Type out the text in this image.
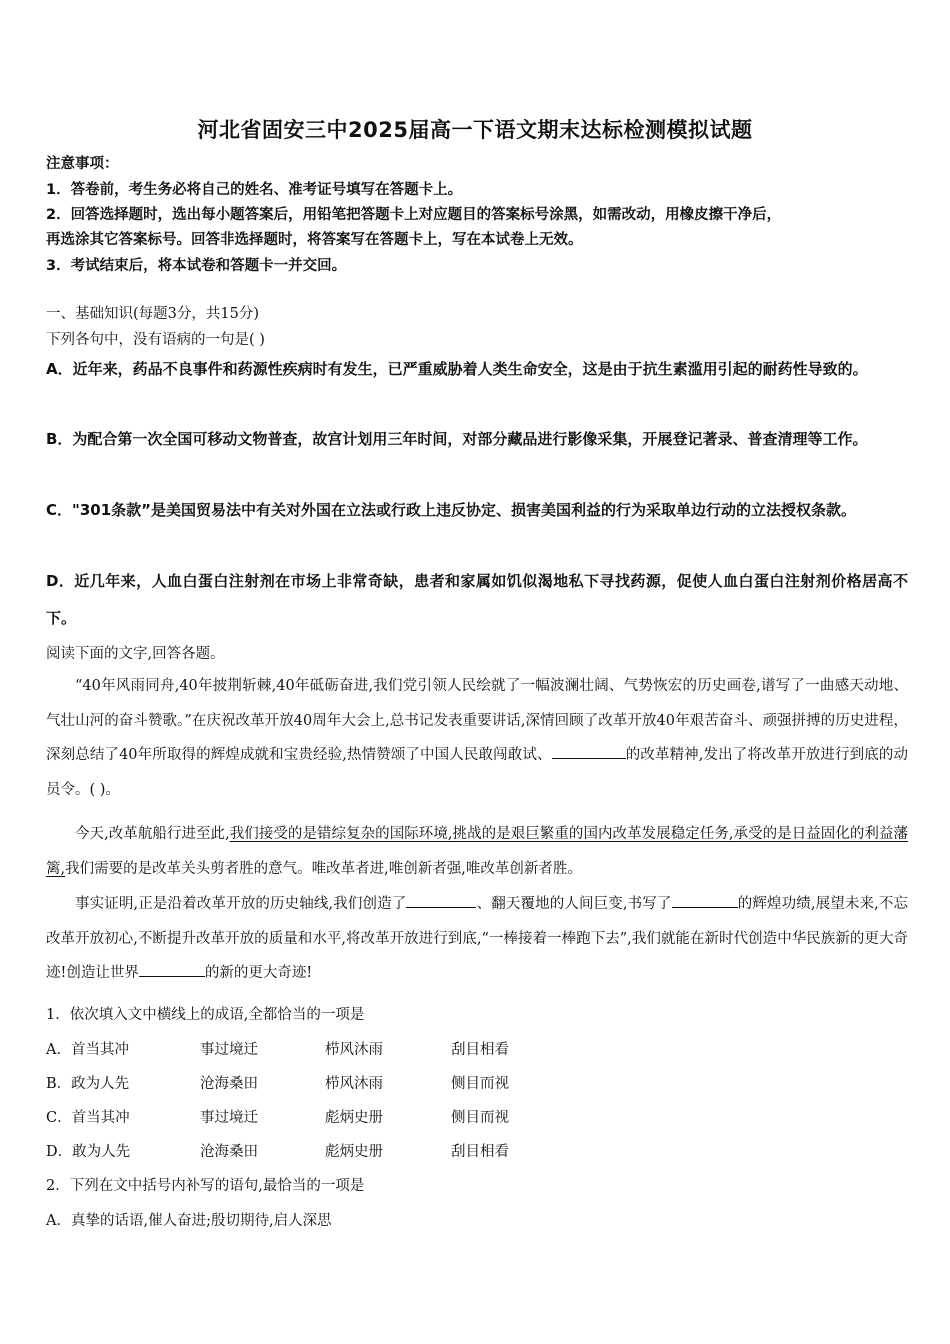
河北省固安三中2025届高一下语文期末达标检测模拟试题
注意事项：
1．答卷前，考生务必将自己的姓名、准考证号填写在答题卡上。
2．回答选择题时，选出每小题答案后，用铅笔把答题卡上对应题目的答案标号涂黑，如需改动，用橡皮擦干净后，
再选涂其它答案标号。回答非选择题时，将答案写在答题卡上，写在本试卷上无效。
3．考试结束后，将本试卷和答题卡一并交回。
一、基础知识(每题3分，共15分)
下列各句中，没有语病的一句是( )
A．近年来，药品不良事件和药源性疾病时有发生，已严重威胁着人类生命安全，这是由于抗生素滥用引起的耐药性导致的。
B．为配合第一次全国可移动文物普查，故宫计划用三年时间，对部分藏品进行影像采集，开展登记著录、普查清理等工作。
C．"301条款”是美国贸易法中有关对外国在立法或行政上违反协定、损害美国利益的行为采取单边行动的立法授权条款。
D．近几年来，人血白蛋白注射剂在市场上非常奇缺，患者和家属如饥似渴地私下寻找药源，促使人血白蛋白注射剂价格居高不下。
阅读下面的文字,回答各题。
“40年风雨同舟,40年披荆斩棘,40年砥砺奋进,我们党引领人民绘就了一幅波澜壮阔、气势恢宏的历史画卷,谱写了一曲感天动地、气壮山河的奋斗赞歌。”在庆祝改革开放40周年大会上,总书记发表重要讲话,深情回顾了改革开放40年艰苦奋斗、顽强拼搏的历史进程， 深刻总结了40年所取得的辉煌成就和宝贵经验,热情赞颂了中国人民敢闯敢试、	的改革精神,发出了将改革开放进行到底的动员令。( )。
今天,改革航船行进至此,我们接受的是错综复杂的国际环境,挑战的是艰巨繁重的国内改革发展稳定任务,承受的是日益固化的利益藩篱,我们需要的是改革关头剪者胜的意气。唯改革者进,唯创新者强,唯改革创新者胜。
事实证明,正是沿着改革开放的历史轴线,我们创造了	、翻天覆地的人间巨变,书写了	的辉煌功绩,展望未来,不忘改革开放初心,不断提升改革开放的质量和水平,将改革开放进行到底,“一棒接着一棒跑下去”,我们就能在新时代创造中华民族新的更大奇迹!创造让世界	的新的更大奇迹!
1．依次填入文中横线上的成语,全都恰当的一项是
A．首当其冲	事过境迁	栉风沐雨	刮目相看
B．政为人先	沧海桑田	栉风沐雨	侧目而视
C．首当其冲	事过境迁	彪炳史册	侧目而视
D．敢为人先	沧海桑田	彪炳史册	刮目相看
2．下列在文中括号内补写的语句,最恰当的一项是
A．真挚的话语,催人奋进;殷切期待,启人深思
